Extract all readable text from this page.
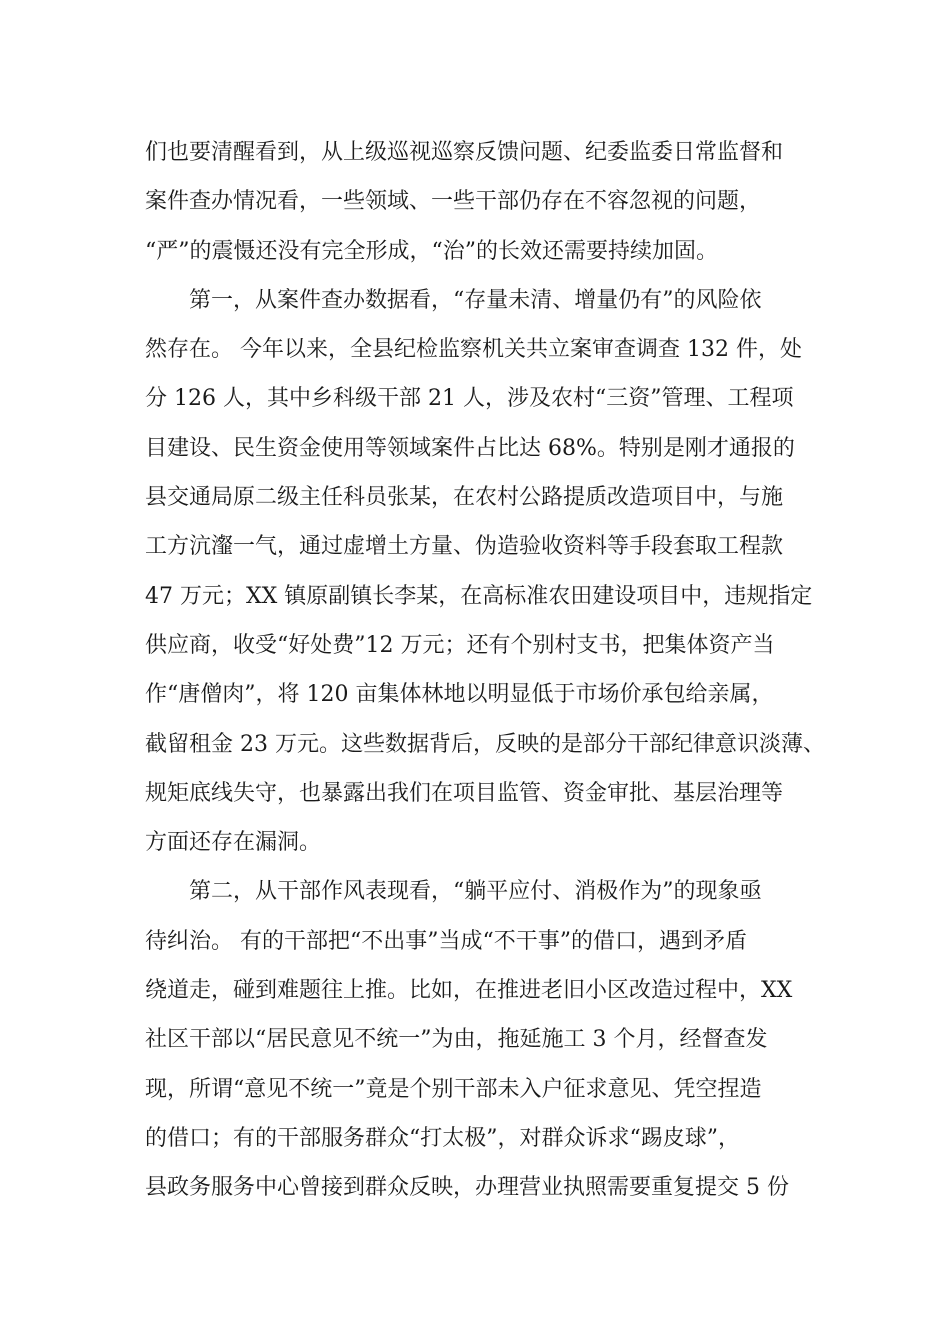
们也要清醒看到，从上级巡视巡察反馈问题、纪委监委日常监督和
案件查办情况看，一些领域、一些干部仍存在不容忽视的问题，
“严”的震慑还没有完全形成，“治”的长效还需要持续加固。
第一，从案件查办数据看，“存量未清、增量仍有”的风险依
然存在。 今年以来，全县纪检监察机关共立案审查调查 132 件，处
分 126 人，其中乡科级干部 21 人，涉及农村“三资”管理、工程项
目建设、民生资金使用等领域案件占比达 68%。特别是刚才通报的
县交通局原二级主任科员张某，在农村公路提质改造项目中，与施
工方沆瀣一气，通过虚增土方量、伪造验收资料等手段套取工程款
47 万元；XX 镇原副镇长李某，在高标准农田建设项目中，违规指定
供应商，收受“好处费”12 万元；还有个别村支书，把集体资产当
作“唐僧肉”，将 120 亩集体林地以明显低于市场价承包给亲属，
截留租金 23 万元。这些数据背后，反映的是部分干部纪律意识淡薄、
规矩底线失守，也暴露出我们在项目监管、资金审批、基层治理等
方面还存在漏洞。
第二，从干部作风表现看，“躺平应付、消极作为”的现象亟
待纠治。 有的干部把“不出事”当成“不干事”的借口，遇到矛盾
绕道走，碰到难题往上推。比如，在推进老旧小区改造过程中，XX
社区干部以“居民意见不统一”为由，拖延施工 3 个月，经督查发
现，所谓“意见不统一”竟是个别干部未入户征求意见、凭空捏造
的借口；有的干部服务群众“打太极”，对群众诉求“踢皮球”，
县政务服务中心曾接到群众反映，办理营业执照需要重复提交 5 份
